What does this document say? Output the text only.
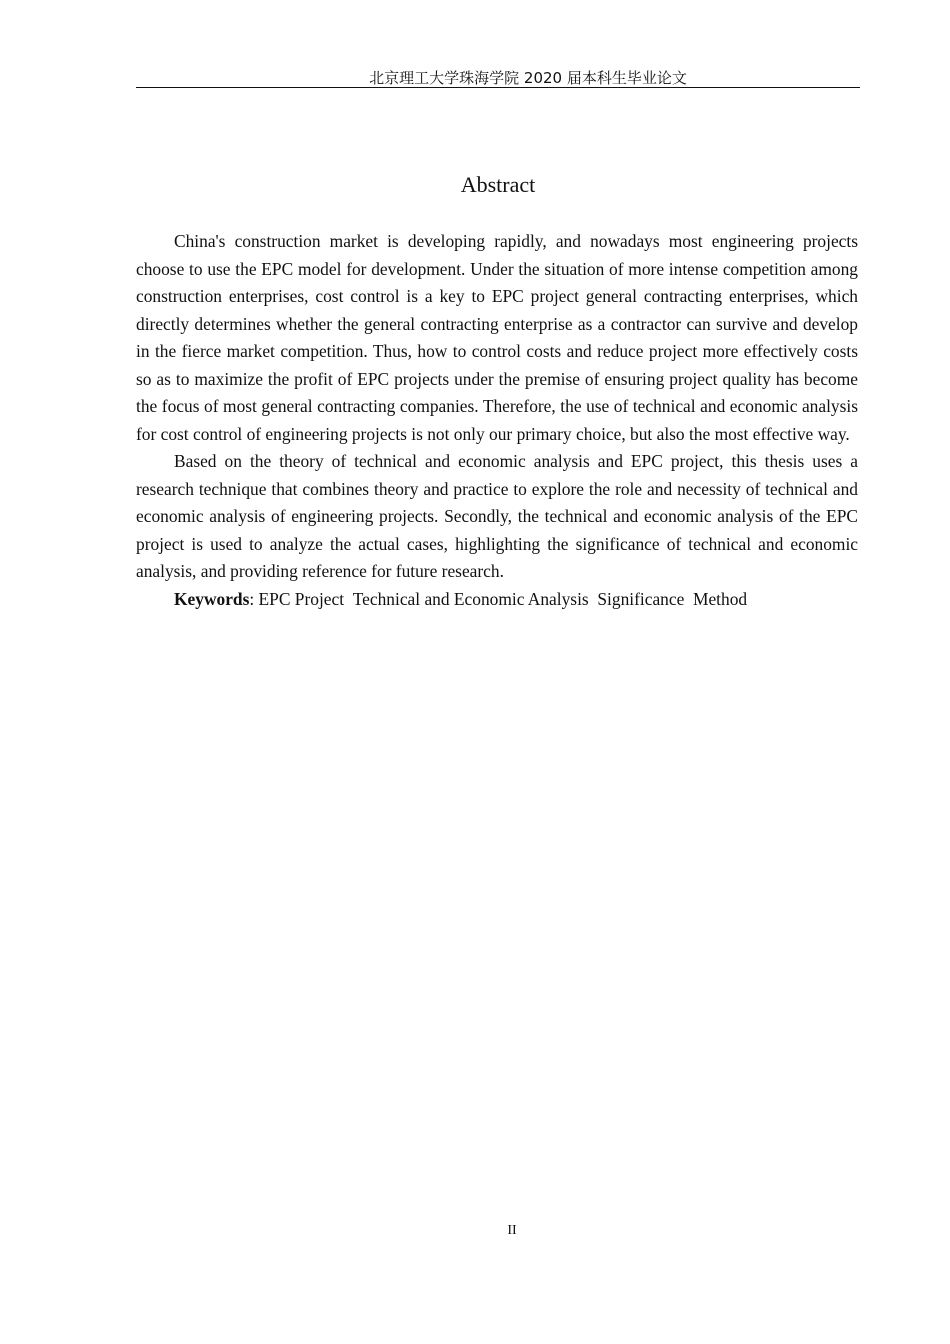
北京理工大学珠海学院 2020 届本科生毕业论文
Abstract

China's construction market is developing rapidly, and nowadays most engineering projects choose to use the EPC model for development. Under the situation of more intense competition among construction enterprises, cost control is a key to EPC project general contracting enterprises, which directly determines whether the general contracting enterprise as a contractor can survive and develop in the fierce market competition. Thus, how to control costs and reduce project more effectively costs so as to maximize the profit of EPC projects under the premise of ensuring project quality has become the focus of most general contracting companies. Therefore, the use of technical and economic analysis for cost control of engineering projects is not only our primary choice, but also the most effective way.

Based on the theory of technical and economic analysis and EPC project, this thesis uses a research technique that combines theory and practice to explore the role and necessity of technical and economic analysis of engineering projects. Secondly, the technical and economic analysis of the EPC project is used to analyze the actual cases, highlighting the significance of technical and economic analysis, and providing reference for future research.

Keywords: EPC Project Technical and Economic Analysis Significance Method

II
